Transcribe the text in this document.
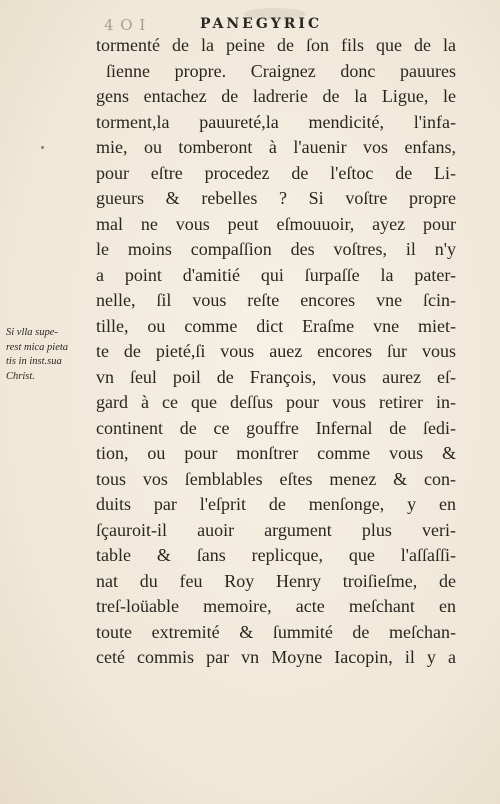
4 O I	PANEGYRIC
Si vlla supe-
rest mica pieta
tis in inst.sua
Christ.
tormenté de la peine de ſon fils que de la
ſienne propre. Craignez donc pauures
gens entachez de ladrerie de la Ligue, le
torment,la pauureté,la mendicité, l'infa-
mie, ou tomberont à l'auenir vos enfans,
pour eſtre procedez de l'eſtoc de Li-
gueurs & rebelles ? Si voſtre propre
mal ne vous peut eſmouuoir, ayez pour
le moins compaſſion des voſtres, il n'y
a point d'amitié qui ſurpaſſe la pater-
nelle, ſil vous reſte encores vne ſcin-
tille, ou comme dict Eraſme vne miet-
te de pieté,ſi vous auez encores ſur vous
vn ſeul poil de François, vous aurez eſ-
gard à ce que deſſus pour vous retirer in-
continent de ce gouffre Infernal de ſedi-
tion, ou pour monſtrer comme vous &
tous vos ſemblables eſtes menez & con-
duits par l'eſprit de menſonge, y en
ſçauroit-il auoir argument plus veri-
table & ſans replicque, que l'aſſaſſi-
nat du feu Roy Henry troiſieſme, de
treſ-loüable memoire, acte meſchant en
toute extremité & ſummité de meſchan-
ceté commis par vn Moyne Iacopin, il y a
